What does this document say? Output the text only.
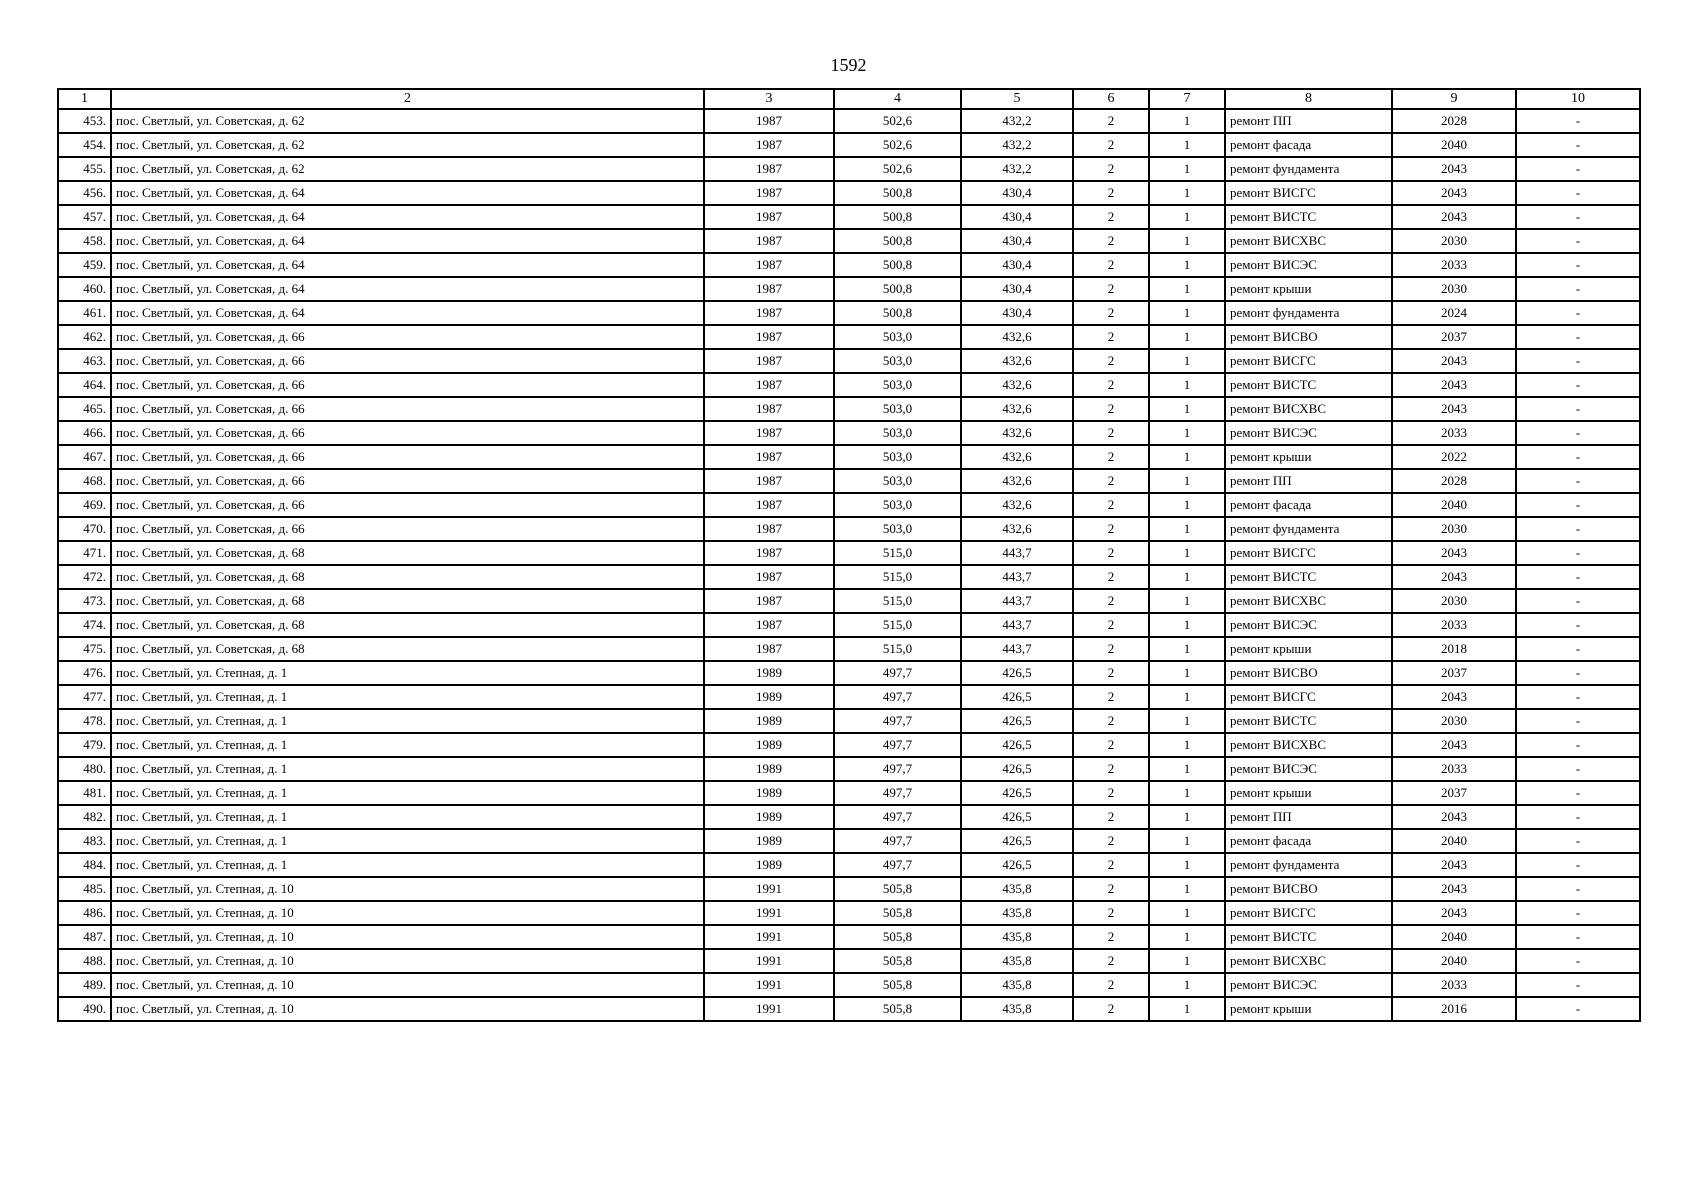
1592
1	2	3	4	5	6	7	8	9	10
453.	пос. Светлый, ул. Советская, д. 62	1987	502,6	432,2	2	1	ремонт ПП	2028	-
454.	пос. Светлый, ул. Советская, д. 62	1987	502,6	432,2	2	1	ремонт фасада	2040	-
455.	пос. Светлый, ул. Советская, д. 62	1987	502,6	432,2	2	1	ремонт фундамента	2043	-
456.	пос. Светлый, ул. Советская, д. 64	1987	500,8	430,4	2	1	ремонт ВИСГС	2043	-
457.	пос. Светлый, ул. Советская, д. 64	1987	500,8	430,4	2	1	ремонт ВИСТС	2043	-
458.	пос. Светлый, ул. Советская, д. 64	1987	500,8	430,4	2	1	ремонт ВИСХВС	2030	-
459.	пос. Светлый, ул. Советская, д. 64	1987	500,8	430,4	2	1	ремонт ВИСЭС	2033	-
460.	пос. Светлый, ул. Советская, д. 64	1987	500,8	430,4	2	1	ремонт крыши	2030	-
461.	пос. Светлый, ул. Советская, д. 64	1987	500,8	430,4	2	1	ремонт фундамента	2024	-
462.	пос. Светлый, ул. Советская, д. 66	1987	503,0	432,6	2	1	ремонт ВИСВО	2037	-
463.	пос. Светлый, ул. Советская, д. 66	1987	503,0	432,6	2	1	ремонт ВИСГС	2043	-
464.	пос. Светлый, ул. Советская, д. 66	1987	503,0	432,6	2	1	ремонт ВИСТС	2043	-
465.	пос. Светлый, ул. Советская, д. 66	1987	503,0	432,6	2	1	ремонт ВИСХВС	2043	-
466.	пос. Светлый, ул. Советская, д. 66	1987	503,0	432,6	2	1	ремонт ВИСЭС	2033	-
467.	пос. Светлый, ул. Советская, д. 66	1987	503,0	432,6	2	1	ремонт крыши	2022	-
468.	пос. Светлый, ул. Советская, д. 66	1987	503,0	432,6	2	1	ремонт ПП	2028	-
469.	пос. Светлый, ул. Советская, д. 66	1987	503,0	432,6	2	1	ремонт фасада	2040	-
470.	пос. Светлый, ул. Советская, д. 66	1987	503,0	432,6	2	1	ремонт фундамента	2030	-
471.	пос. Светлый, ул. Советская, д. 68	1987	515,0	443,7	2	1	ремонт ВИСГС	2043	-
472.	пос. Светлый, ул. Советская, д. 68	1987	515,0	443,7	2	1	ремонт ВИСТС	2043	-
473.	пос. Светлый, ул. Советская, д. 68	1987	515,0	443,7	2	1	ремонт ВИСХВС	2030	-
474.	пос. Светлый, ул. Советская, д. 68	1987	515,0	443,7	2	1	ремонт ВИСЭС	2033	-
475.	пос. Светлый, ул. Советская, д. 68	1987	515,0	443,7	2	1	ремонт крыши	2018	-
476.	пос. Светлый, ул. Степная, д. 1	1989	497,7	426,5	2	1	ремонт ВИСВО	2037	-
477.	пос. Светлый, ул. Степная, д. 1	1989	497,7	426,5	2	1	ремонт ВИСГС	2043	-
478.	пос. Светлый, ул. Степная, д. 1	1989	497,7	426,5	2	1	ремонт ВИСТС	2030	-
479.	пос. Светлый, ул. Степная, д. 1	1989	497,7	426,5	2	1	ремонт ВИСХВС	2043	-
480.	пос. Светлый, ул. Степная, д. 1	1989	497,7	426,5	2	1	ремонт ВИСЭС	2033	-
481.	пос. Светлый, ул. Степная, д. 1	1989	497,7	426,5	2	1	ремонт крыши	2037	-
482.	пос. Светлый, ул. Степная, д. 1	1989	497,7	426,5	2	1	ремонт ПП	2043	-
483.	пос. Светлый, ул. Степная, д. 1	1989	497,7	426,5	2	1	ремонт фасада	2040	-
484.	пос. Светлый, ул. Степная, д. 1	1989	497,7	426,5	2	1	ремонт фундамента	2043	-
485.	пос. Светлый, ул. Степная, д. 10	1991	505,8	435,8	2	1	ремонт ВИСВО	2043	-
486.	пос. Светлый, ул. Степная, д. 10	1991	505,8	435,8	2	1	ремонт ВИСГС	2043	-
487.	пос. Светлый, ул. Степная, д. 10	1991	505,8	435,8	2	1	ремонт ВИСТС	2040	-
488.	пос. Светлый, ул. Степная, д. 10	1991	505,8	435,8	2	1	ремонт ВИСХВС	2040	-
489.	пос. Светлый, ул. Степная, д. 10	1991	505,8	435,8	2	1	ремонт ВИСЭС	2033	-
490.	пос. Светлый, ул. Степная, д. 10	1991	505,8	435,8	2	1	ремонт крыши	2016	-
